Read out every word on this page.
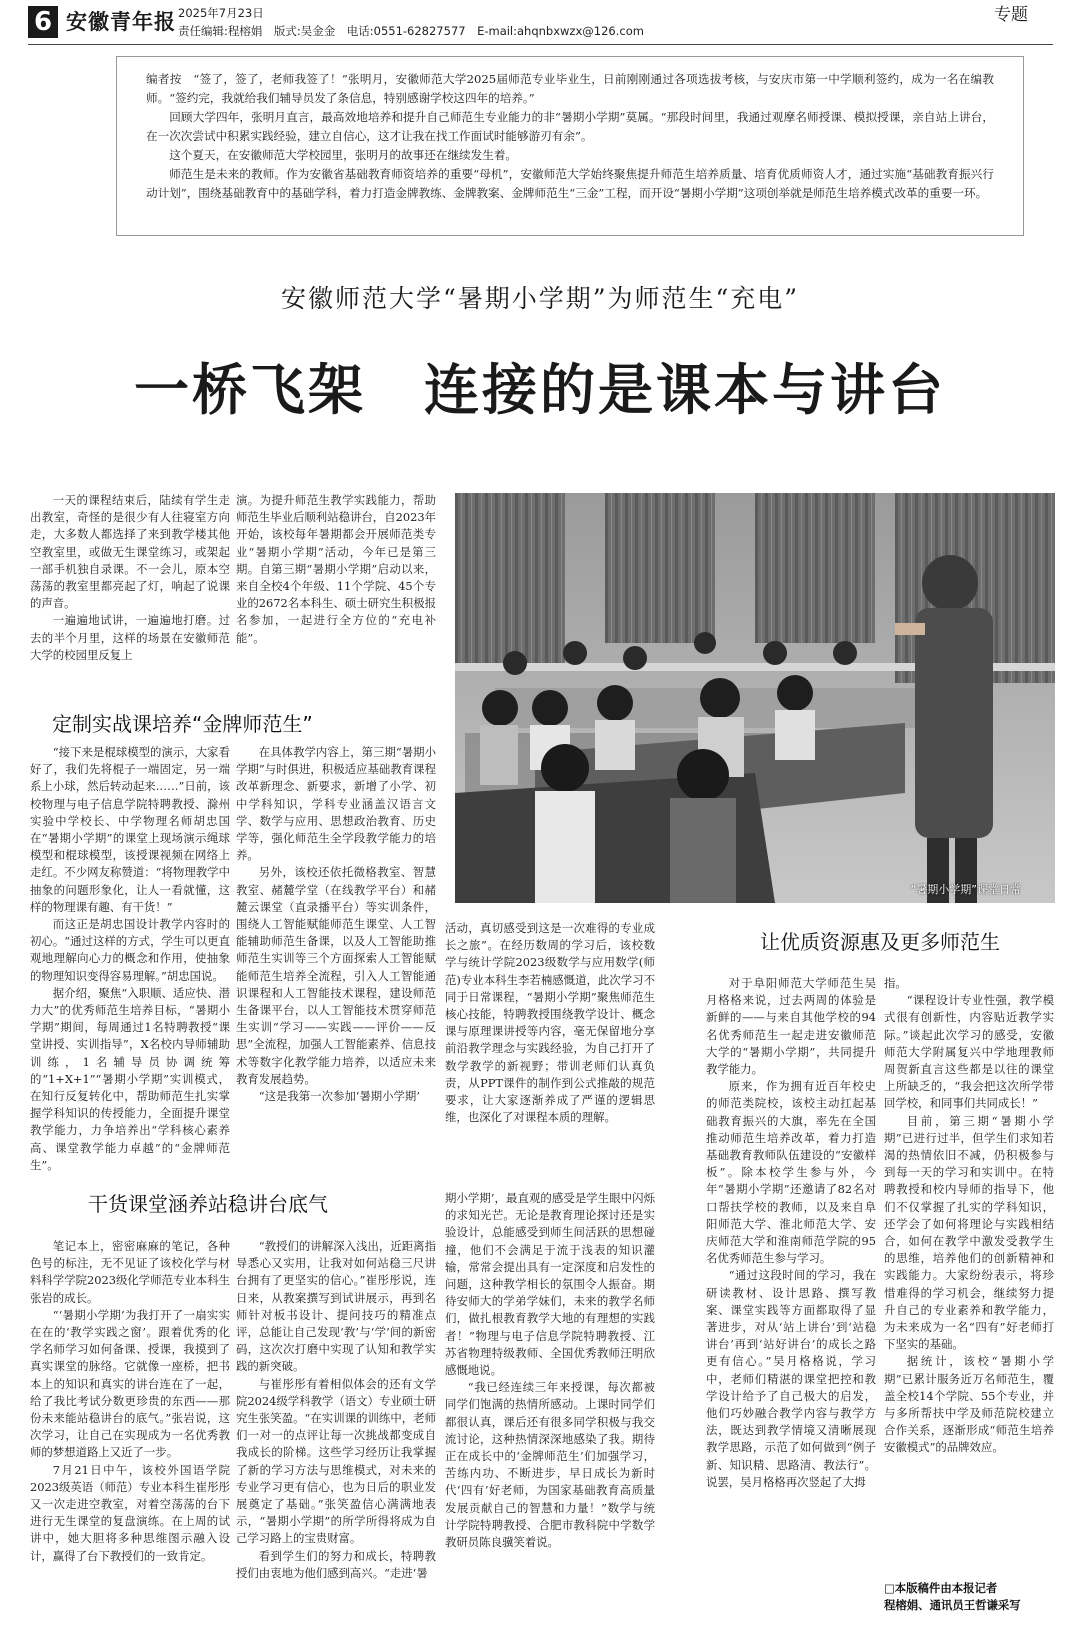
6 安徽青年报 2025年7月23日
责任编辑:程榕娟　版式:吴金金　电话:0551-62827577　E-mail:ahqnbxwzx@126.com
专题

编者按　“签了，签了，老师我签了！”张明月，安徽师范大学2025届师范专业毕业生，日前刚刚通过各项选拔考核，与安庆市第一中学顺利签约，成为一名在编教师。“签约完，我就给我们辅导员发了条信息，特别感谢学校这四年的培养。”

回顾大学四年，张明月直言，最高效地培养和提升自己师范生专业能力的非“暑期小学期”莫属。“那段时间里，我通过观摩名师授课、模拟授课，亲自站上讲台，在一次次尝试中积累实践经验，建立自信心，这才让我在找工作面试时能够游刃有余”。

这个夏天，在安徽师范大学校园里，张明月的故事还在继续发生着。

师范生是未来的教师。作为安徽省基础教育师资培养的重要“母机”，安徽师范大学始终聚焦提升师范生培养质量、培育优质师资人才，通过实施“基础教育振兴行动计划”，围绕基础教育中的基础学科，着力打造金牌教练、金牌教案、金牌师范生“三金”工程，而开设“暑期小学期”这项创举就是师范生培养模式改革的重要一环。

安徽师范大学“暑期小学期”为师范生“充电”
一桥飞架　连接的是课本与讲台

一天的课程结束后，陆续有学生走出教室，奇怪的是很少有人往寝室方向走，大多数人都选择了来到教学楼其他空教室里，或做无生课堂练习，或架起一部手机独自录课。不一会儿，原本空荡荡的教室里都亮起了灯，响起了说课的声音。

一遍遍地试讲，一遍遍地打磨。过去的半个月里，这样的场景在安徽师范大学的校园里反复上

演。为提升师范生教学实践能力，帮助师范生毕业后顺利站稳讲台，自2023年开始，该校每年暑期都会开展师范类专业“暑期小学期”活动，今年已是第三期。自第三期“暑期小学期”启动以来，来自全校4个年级、11个学院、45个专业的2672名本科生、硕士研究生积极报名参加，一起进行全方位的“充电补能”。

“暑期小学期”课堂日常
定制实战课培养“金牌师范生”

“接下来是棍球模型的演示，大家看好了，我们先将棍子一端固定，另一端系上小球，然后转动起来……”日前，该校物理与电子信息学院特聘教授、滁州实验中学校长、中学物理名师胡忠国在“暑期小学期”的课堂上现场演示绳球模型和棍球模型，该授课视频在网络上走红。不少网友称赞道：“将物理教学中抽象的问题形象化，让人一看就懂，这样的物理课有趣、有干货！”

而这正是胡忠国设计教学内容时的初心。“通过这样的方式，学生可以更直观地理解向心力的概念和作用，使抽象的物理知识变得容易理解。”胡忠国说。

据介绍，聚焦“入职顺、适应快、潜力大”的优秀师范生培养目标，“暑期小学期”期间，每周通过1名特聘教授“课堂讲授、实训指导”，X名校内导师辅助训练，1名辅导员协调统筹的“1+X+1”“暑期小学期”实训模式，在知行反复转化中，帮助师范生扎实掌握学科知识的传授能力，全面提升课堂教学能力，力争培养出“学科核心素养高、课堂教学能力卓越”的“金牌师范生”。

在具体教学内容上，第三期“暑期小学期”与时俱进，积极适应基础教育课程改革新理念、新要求，新增了小学、初中学科知识，学科专业涵盖汉语言文学、数学与应用、思想政治教育、历史学等，强化师范生全学段教学能力的培养。

另外，该校还依托微格教室、智慧教室、赭麓学堂（在线教学平台）和赭麓云课堂（直录播平台）等实训条件，围绕人工智能赋能师范生课堂、人工智能辅助师范生备课，以及人工智能助推师范生实训等三个方面探索人工智能赋能师范生培养全流程，引入人工智能通识课程和人工智能技术课程，建设师范生备课平台，以人工智能技术贯穿师范生实训“学习——实践——评价——反思”全流程，加强人工智能素养、信息技术等数字化教学能力培养，以适应未来教育发展趋势。

“这是我第一次参加‘暑期小学期’

活动，真切感受到这是一次难得的专业成长之旅”。在经历数周的学习后，该校数学与统计学院2023级数学与应用数学(师范)专业本科生李若楠感慨道，此次学习不同于日常课程，“暑期小学期”聚焦师范生核心技能，特聘教授围绕教学设计、概念课与原理课讲授等内容，毫无保留地分享前沿教学理念与实践经验，为自己打开了数学教学的新视野；带训老师们认真负责，从PPT课件的制作到公式推敲的规范要求，让大家逐渐养成了严谨的逻辑思维，也深化了对课程本质的理解。

干货课堂涵养站稳讲台底气

笔记本上，密密麻麻的笔记，各种色号的标注，无不见证了该校化学与材料科学学院2023级化学师范专业本科生张岩的成长。

“‘暑期小学期’为我打开了一扇实实在在的‘教学实践之窗’。跟着优秀的化学名师学习如何备课、授课，我摸到了真实课堂的脉络。它就像一座桥，把书本上的知识和真实的讲台连在了一起，给了我比考试分数更珍贵的东西——那份未来能站稳讲台的底气。”张岩说，这次学习，让自己在实现成为一名优秀教师的梦想道路上又近了一步。

7月21日中午，该校外国语学院2023级英语（师范）专业本科生崔彤彤又一次走进空教室，对着空荡荡的台下进行无生课堂的复盘演练。在上周的试讲中，她大胆将多种思维图示融入设计，赢得了台下教授们的一致肯定。

“教授们的讲解深入浅出，近距离指导悉心又实用，让我对如何站稳三尺讲台拥有了更坚实的信心。”崔彤彤说，连日来，从教案撰写到试讲展示，再到名师针对板书设计、提问技巧的精准点评，总能让自己发现‘教’与‘学’间的新密码，这次次打磨中实现了认知和教学实践的新突破。

与崔彤彤有着相似体会的还有文学院2024级学科教学（语文）专业硕士研究生张笑盈。“在实训课的训练中，老师们一对一的点评让每一次挑战都变成自我成长的阶梯。这些学习经历让我掌握了新的学习方法与思维模式，对未来的专业学习更有信心，也为日后的职业发展奠定了基础。”张笑盈信心满满地表示，“暑期小学期”的所学所得将成为自己学习路上的宝贵财富。

看到学生们的努力和成长，特聘教授们由衷地为他们感到高兴。“走进‘暑

期小学期’，最直观的感受是学生眼中闪烁的求知光芒。无论是教育理论探讨还是实验设计，总能感受到师生间活跃的思想碰撞，他们不会满足于流于浅表的知识灌输，常常会提出具有一定深度和启发性的问题，这种教学相长的氛围令人振奋。期待安师大的学弟学妹们，未来的教学名师们，做扎根教育教学大地的有理想的实践者！”物理与电子信息学院特聘教授、江苏省物理特级教师、全国优秀教师汪明欣感慨地说。

“我已经连续三年来授课，每次都被同学们饱满的热情所感动。上课时同学们都很认真，课后还有很多同学积极与我交流讨论，这种热情深深地感染了我。期待正在成长中的‘金牌师范生’们加强学习，苦练内功、不断进步，早日成长为新时代‘四有’好老师，为国家基础教育高质量发展贡献自己的智慧和力量！”数学与统计学院特聘教授、合肥市教科院中学数学教研员陈良骥笑着说。

让优质资源惠及更多师范生

对于阜阳师范大学师范生吴月格格来说，过去两周的体验是新鲜的——与来自其他学校的94名优秀师范生一起走进安徽师范大学的“暑期小学期”，共同提升教学能力。

原来，作为拥有近百年校史的师范类院校，该校主动扛起基础教育振兴的大旗，率先在全国推动师范生培养改革，着力打造基础教育教师队伍建设的“安徽样板”。除本校学生参与外，今年“暑期小学期”还邀请了82名对口帮扶学校的教师，以及来自阜阳师范大学、淮北师范大学、安庆师范大学和淮南师范学院的95名优秀师范生参与学习。

“通过这段时间的学习，我在研读教材、设计思路、撰写教案、课堂实践等方面都取得了显著进步，对从‘站上讲台’到‘站稳讲台’再到‘站好讲台’的成长之路更有信心。”吴月格格说，学习中，老师们精湛的课堂把控和教学设计给予了自己极大的启发，他们巧妙融合教学内容与教学方法，既达到教学情境又清晰展现教学思路，示范了如何做到“例子新、知识精、思路清、教法行”。说罢，吴月格格再次竖起了大拇

指。

“课程设计专业性强，教学模式很有创新性，内容贴近教学实际。”谈起此次学习的感受，安徽师范大学附属复兴中学地理教师周贺新直言这些都是以往的课堂上所缺乏的，“我会把这次所学带回学校，和同事们共同成长！”

目前，第三期“暑期小学期”已进行过半，但学生们求知若渴的热情依旧不减，仍积极参与到每一天的学习和实训中。在特聘教授和校内导师的指导下，他们不仅掌握了扎实的学科知识，还学会了如何将理论与实践相结合，如何在教学中激发受教学生的思维，培养他们的创新精神和实践能力。大家纷纷表示，将珍惜难得的学习机会，继续努力提升自己的专业素养和教学能力，为未来成为一名“四有”好老师打下坚实的基础。

据统计，该校“暑期小学期”已累计服务近万名师范生，覆盖全校14个学院、55个专业，并与多所帮扶中学及师范院校建立合作关系，逐渐形成“师范生培养安徽模式”的品牌效应。

□本版稿件由本报记者
程榕娟、通讯员王哲谦采写
